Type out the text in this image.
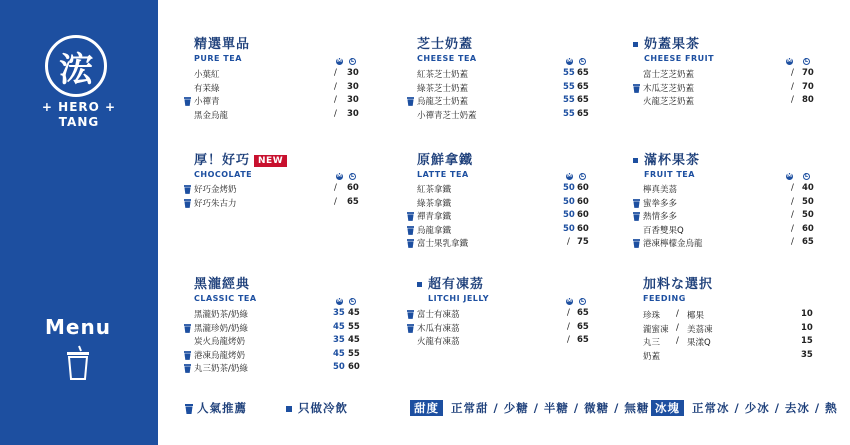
浤
+ HERO +
TANG
Menu
精選單品
PURE TEA	M	L
小葉紅	/ 30
有茉綠	/ 30
小禪青	/ 30
黑金烏龍	/ 30
芝士奶蓋
CHEESE TEA	M	L
紅茶芝士奶蓋	55 65
綠茶芝士奶蓋	55 65
烏龍芝士奶蓋	55 65
小禪青芝士奶蓋	55 65
奶蓋果茶
CHEESE FRUIT	M	L
富士芝芝奶蓋	/ 70
木瓜芝芝奶蓋	/ 70
火龍芝芝奶蓋	/ 80
厚！好巧 NEW
CHOCOLATE	M	L
好巧金烤奶	/ 60
好巧朱古力	/ 65
原鮮拿鐵
LATTE TEA	M	L
紅茶拿鐵	50 60
綠茶拿鐵	50 60
禪青拿鐵	50 60
烏龍拿鐵	50 60
富士果乳拿鐵	/ 75
滿杯果茶
FRUIT TEA	M	L
檸真美茘	/ 40
蜜拳多多	/ 50
熱情多多	/ 50
百香雙果Q	/ 60
港凍檸檬金烏龍	/ 65
黑瀧經典
CLASSIC TEA	M	L
黑瀧奶茶/奶綠	35 45
黑瀧珍奶/奶綠	45 55
炭火烏龍烤奶	35 45
港凍烏龍烤奶	45 55
丸三奶茶/奶綠	50 60
超有凍茘
LITCHI JELLY	M	L
富士有凍茘	/ 65
木瓜有凍茘	/ 65
火龍有凍茘	/ 65
加料な選択
FEEDING
珍珠 / 椰果	10
瀧蜜凍 / 美茘凍	10
丸三 / 果漾Q	15
奶蓋	35
人氣推薦	只做冷飲	甜度 正常甜 / 少糖 / 半糖 / 微糖 / 無糖 冰塊 正常冰 / 少冰 / 去冰 / 熱
